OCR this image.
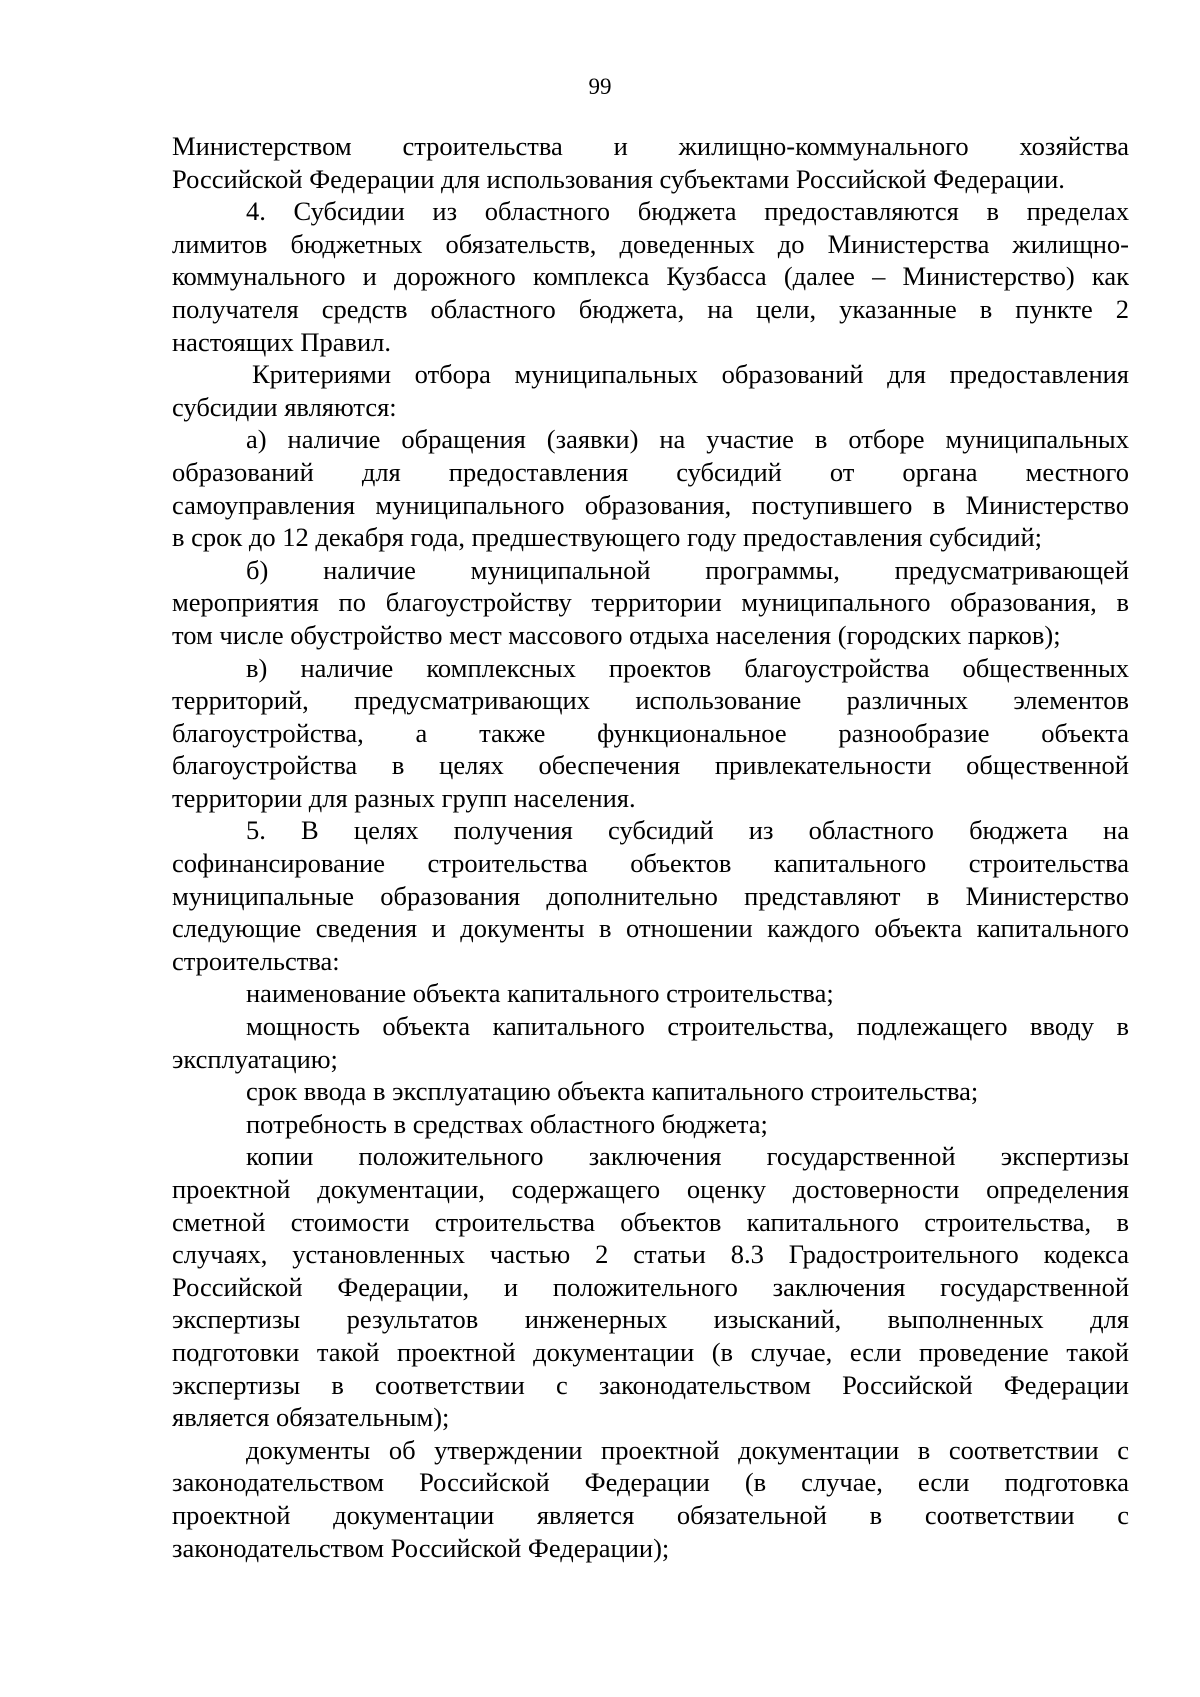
99
Министерством строительства и жилищно-коммунального хозяйства
Российской Федерации для использования субъектами Российской Федерации.
4. Субсидии из областного бюджета предоставляются в пределах
лимитов бюджетных обязательств, доведенных до Министерства жилищно-
коммунального и дорожного комплекса Кузбасса (далее – Министерство) как
получателя средств областного бюджета, на цели, указанные в пункте 2
настоящих Правил.
Критериями отбора муниципальных образований для предоставления
субсидии являются:
а) наличие обращения (заявки) на участие в отборе муниципальных
образований для предоставления субсидий от органа местного
самоуправления муниципального образования, поступившего в Министерство
в срок до 12 декабря года, предшествующего году предоставления субсидий;
б) наличие муниципальной программы, предусматривающей
мероприятия по благоустройству территории муниципального образования, в
том числе обустройство мест массового отдыха населения (городских парков);
в) наличие комплексных проектов благоустройства общественных
территорий, предусматривающих использование различных элементов
благоустройства, а также функциональное разнообразие объекта
благоустройства в целях обеспечения привлекательности общественной
территории для разных групп населения.
5. В целях получения субсидий из областного бюджета на
софинансирование строительства объектов капитального строительства
муниципальные образования дополнительно представляют в Министерство
следующие сведения и документы в отношении каждого объекта капитального
строительства:
наименование объекта капитального строительства;
мощность объекта капитального строительства, подлежащего вводу в
эксплуатацию;
срок ввода в эксплуатацию объекта капитального строительства;
потребность в средствах областного бюджета;
копии положительного заключения государственной экспертизы
проектной документации, содержащего оценку достоверности определения
сметной стоимости строительства объектов капитального строительства, в
случаях, установленных частью 2 статьи 8.3 Градостроительного кодекса
Российской Федерации, и положительного заключения государственной
экспертизы результатов инженерных изысканий, выполненных для
подготовки такой проектной документации (в случае, если проведение такой
экспертизы в соответствии с законодательством Российской Федерации
является обязательным);
документы об утверждении проектной документации в соответствии с
законодательством Российской Федерации (в случае, если подготовка
проектной документации является обязательной в соответствии с
законодательством Российской Федерации);
